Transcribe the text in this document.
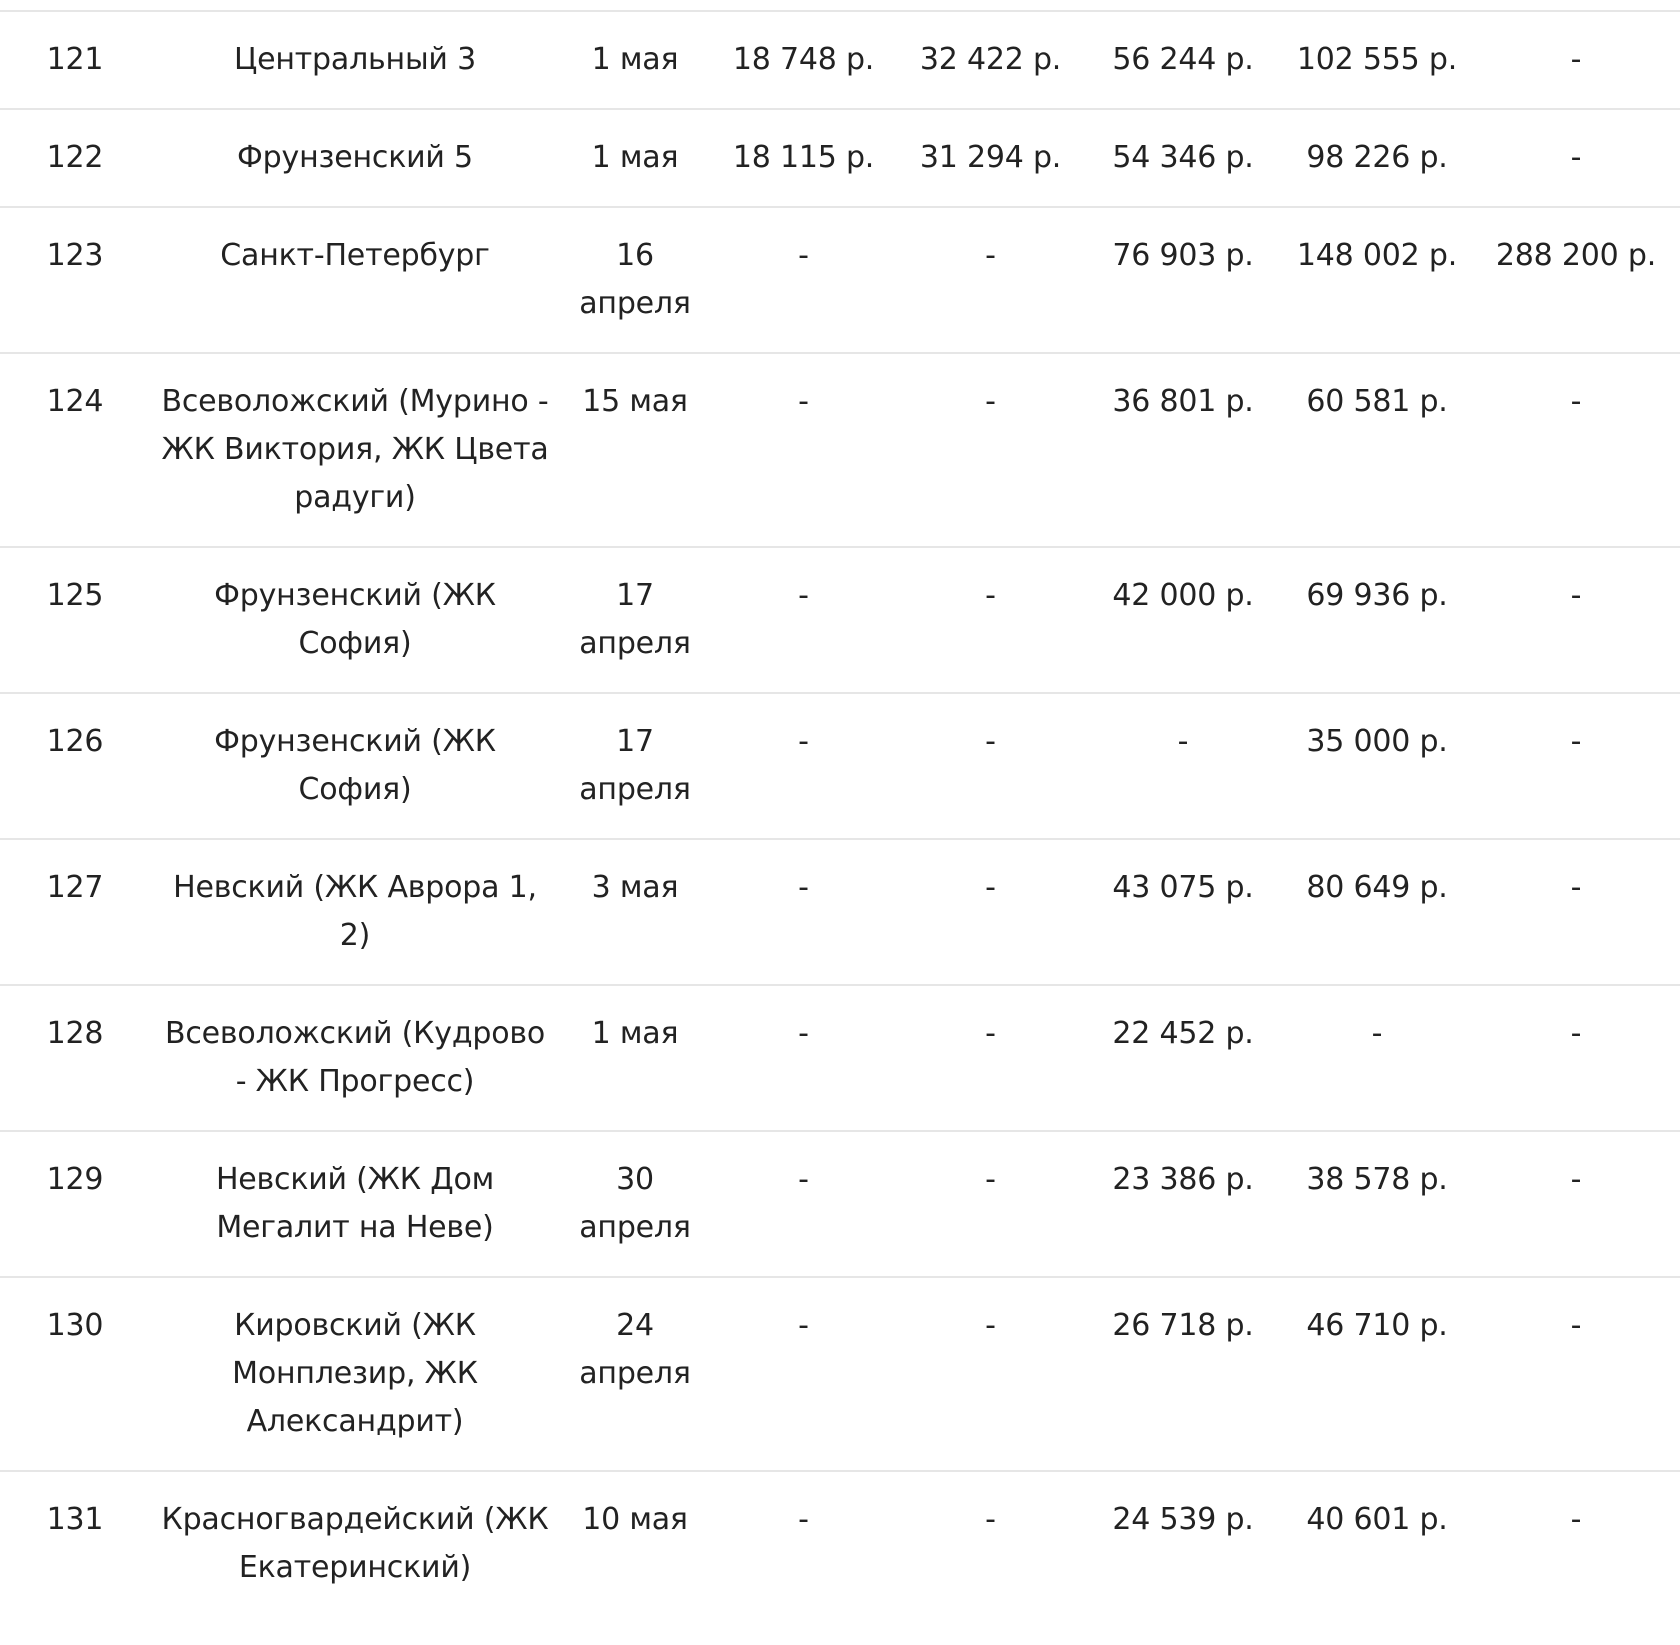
121	Центральный 3	1 мая	18 748 р.	32 422 р.	56 244 р.	102 555 р.	-
122	Фрунзенский 5	1 мая	18 115 р.	31 294 р.	54 346 р.	98 226 р.	-
123	Санкт-Петербург	16 апреля	-	-	76 903 р.	148 002 р.	288 200 р.
124	Всеволожский (Мурино - ЖК Виктория, ЖК Цвета радуги)	15 мая	-	-	36 801 р.	60 581 р.	-
125	Фрунзенский (ЖК София)	17 апреля	-	-	42 000 р.	69 936 р.	-
126	Фрунзенский (ЖК София)	17 апреля	-	-	-	35 000 р.	-
127	Невский (ЖК Аврора 1, 2)	3 мая	-	-	43 075 р.	80 649 р.	-
128	Всеволожский (Кудрово - ЖК Прогресс)	1 мая	-	-	22 452 р.	-	-
129	Невский (ЖК Дом Мегалит на Неве)	30 апреля	-	-	23 386 р.	38 578 р.	-
130	Кировский (ЖК Монплезир, ЖК Александрит)	24 апреля	-	-	26 718 р.	46 710 р.	-
131	Красногвардейский (ЖК Екатеринский)	10 мая	-	-	24 539 р.	40 601 р.	-
